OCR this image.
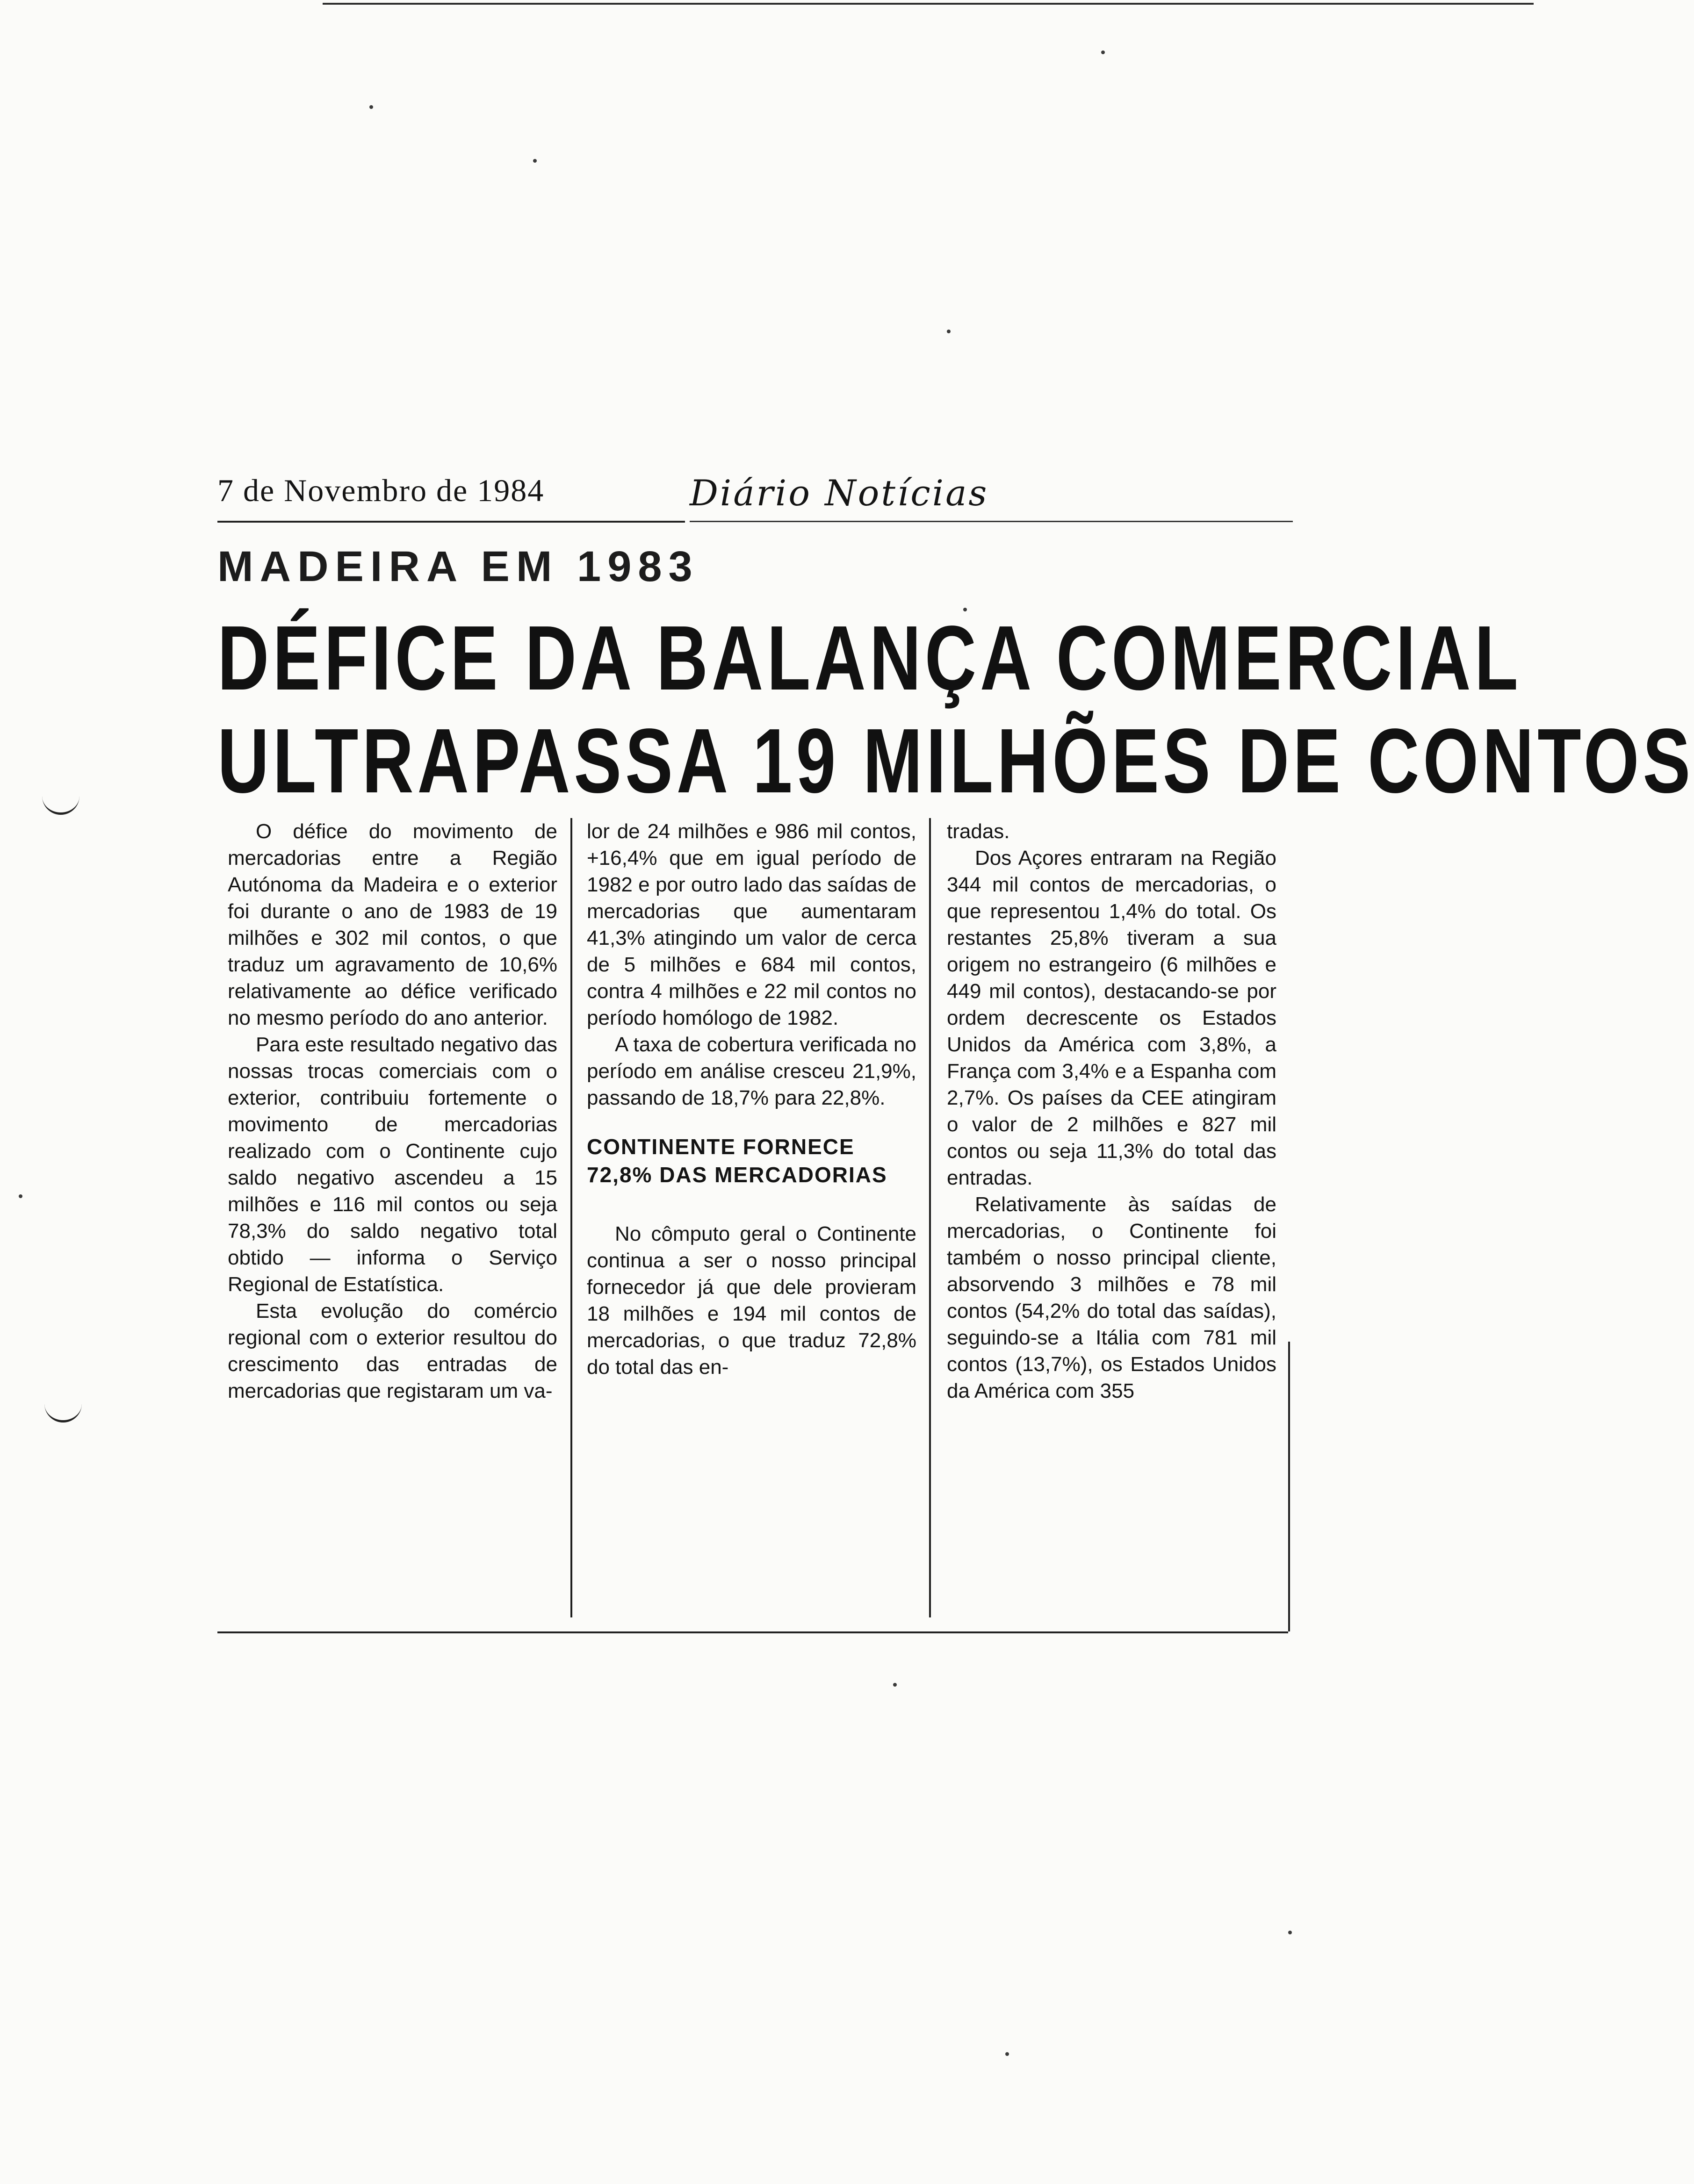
7 de Novembro de 1984	Diário Notícias
MADEIRA EM 1983
DÉFICE DA BALANÇA COMERCIAL
ULTRAPASSA 19 MILHÕES DE CONTOS

O défice do movimento de mercadorias entre a Região Autónoma da Madeira e o exterior foi durante o ano de 1983 de 19 milhões e 302 mil contos, o que traduz um agravamento de 10,6% relativamente ao défice verificado no mesmo período do ano anterior.

Para este resultado negativo das nossas trocas comerciais com o exterior, contribuiu fortemente o movimento de mercadorias realizado com o Continente cujo saldo negativo ascendeu a 15 milhões e 116 mil contos ou seja 78,3% do saldo negativo total obtido — informa o Serviço Regional de Estatística.

Esta evolução do comércio regional com o exterior resultou do crescimento das entradas de mercadorias que registaram um va-

lor de 24 milhões e 986 mil contos, +16,4% que em igual período de 1982 e por outro lado das saídas de mercadorias que aumentaram 41,3% atingindo um valor de cerca de 5 milhões e 684 mil contos, contra 4 milhões e 22 mil contos no período homólogo de 1982.

A taxa de cobertura verificada no período em análise cresceu 21,9%, passando de 18,7% para 22,8%.

CONTINENTE FORNECE 72,8% DAS MERCADORIAS

No cômputo geral o Continente continua a ser o nosso principal fornecedor já que dele provieram 18 milhões e 194 mil contos de mercadorias, o que traduz 72,8% do total das en-

tradas.

Dos Açores entraram na Região 344 mil contos de mercadorias, o que representou 1,4% do total. Os restantes 25,8% tiveram a sua origem no estrangeiro (6 milhões e 449 mil contos), destacando-se por ordem decrescente os Estados Unidos da América com 3,8%, a França com 3,4% e a Espanha com 2,7%. Os países da CEE atingiram o valor de 2 milhões e 827 mil contos ou seja 11,3% do total das entradas.

Relativamente às saídas de mercadorias, o Continente foi também o nosso principal cliente, absorvendo 3 milhões e 78 mil contos (54,2% do total das saídas), seguindo-se a Itália com 781 mil contos (13,7%), os Estados Unidos da América com 355
